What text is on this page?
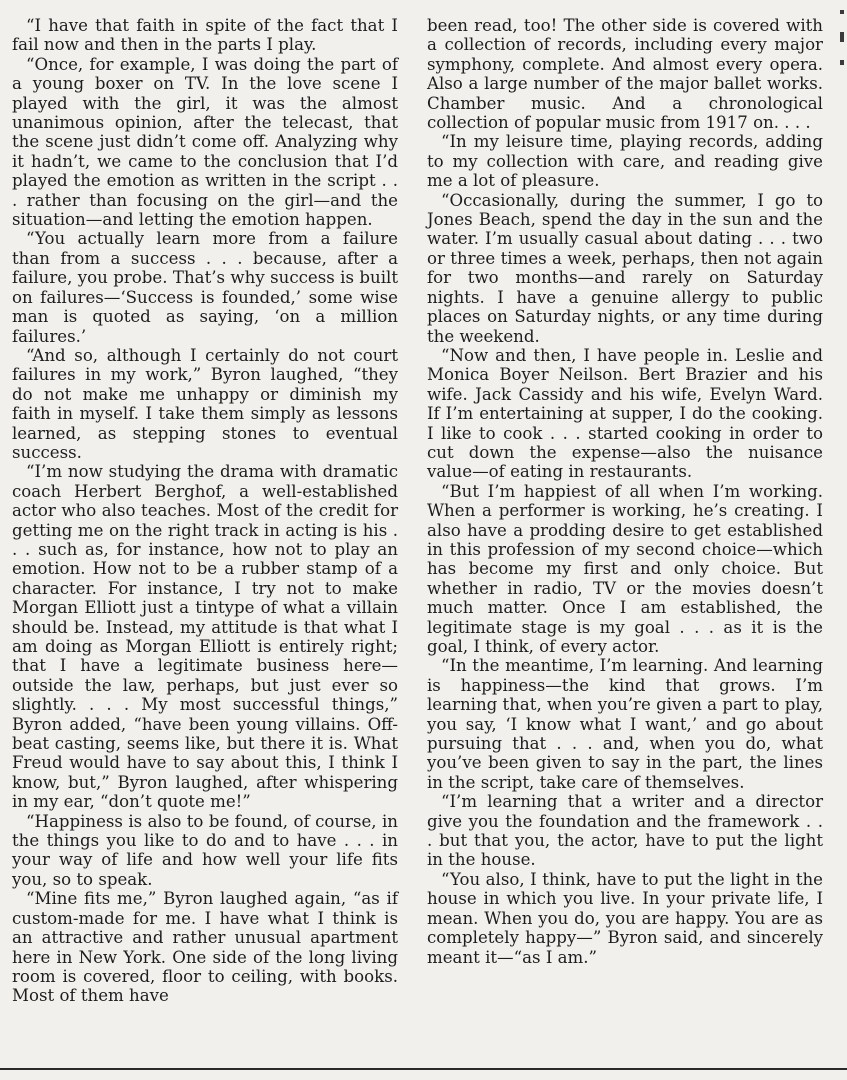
“I have that faith in spite of the fact that I fail now and then in the parts I play.

“Once, for example, I was doing the part of a young boxer on TV. In the love scene I played with the girl, it was the almost unanimous opinion, after the telecast, that the scene just didn’t come off. Analyzing why it hadn’t, we came to the conclusion that I’d played the emotion as written in the script . . . rather than focusing on the girl—and the situation—and letting the emotion happen.

“You actually learn more from a failure than from a success . . . because, after a failure, you probe. That’s why success is built on failures—‘Success is founded,’ some wise man is quoted as saying, ‘on a million failures.’

“And so, although I certainly do not court failures in my work,” Byron laughed, “they do not make me unhappy or diminish my faith in myself. I take them simply as lessons learned, as stepping stones to eventual success.

“I’m now studying the drama with dramatic coach Herbert Berghof, a well-established actor who also teaches. Most of the credit for getting me on the right track in acting is his . . . such as, for instance, how not to play an emotion. How not to be a rubber stamp of a character. For instance, I try not to make Morgan Elliott just a tintype of what a villain should be. Instead, my attitude is that what I am doing as Morgan Elliott is entirely right; that I have a legitimate business here—outside the law, perhaps, but just ever so slightly. . . . My most successful things,” Byron added, “have been young villains. Off-beat casting, seems like, but there it is. What Freud would have to say about this, I think I know, but,” Byron laughed, after whispering in my ear, “don’t quote me!”

“Happiness is also to be found, of course, in the things you like to do and to have . . . in your way of life and how well your life fits you, so to speak.

“Mine fits me,” Byron laughed again, “as if custom-made for me. I have what I think is an attractive and rather unusual apartment here in New York. One side of the long living room is covered, floor to ceiling, with books. Most of them have

been read, too! The other side is covered with a collection of records, including every major symphony, complete. And almost every opera. Also a large number of the major ballet works. Chamber music. And a chronological collection of popular music from 1917 on. . . .

“In my leisure time, playing records, adding to my collection with care, and reading give me a lot of pleasure.

“Occasionally, during the summer, I go to Jones Beach, spend the day in the sun and the water. I’m usually casual about dating . . . two or three times a week, perhaps, then not again for two months—and rarely on Saturday nights. I have a genuine allergy to public places on Saturday nights, or any time during the weekend.

“Now and then, I have people in. Leslie and Monica Boyer Neilson. Bert Brazier and his wife. Jack Cassidy and his wife, Evelyn Ward. If I’m entertaining at supper, I do the cooking. I like to cook . . . started cooking in order to cut down the expense—also the nuisance value—of eating in restaurants.

“But I’m happiest of all when I’m working. When a performer is working, he’s creating. I also have a prodding desire to get established in this profession of my second choice—which has become my first and only choice. But whether in radio, TV or the movies doesn’t much matter. Once I am established, the legitimate stage is my goal . . . as it is the goal, I think, of every actor.

“In the meantime, I’m learning. And learning is happiness—the kind that grows. I’m learning that, when you’re given a part to play, you say, ‘I know what I want,’ and go about pursuing that . . . and, when you do, what you’ve been given to say in the part, the lines in the script, take care of themselves.

“I’m learning that a writer and a director give you the foundation and the framework . . . but that you, the actor, have to put the light in the house.

“You also, I think, have to put the light in the house in which you live. In your private life, I mean. When you do, you are happy. You are as completely happy—” Byron said, and sincerely meant it—“as I am.”
